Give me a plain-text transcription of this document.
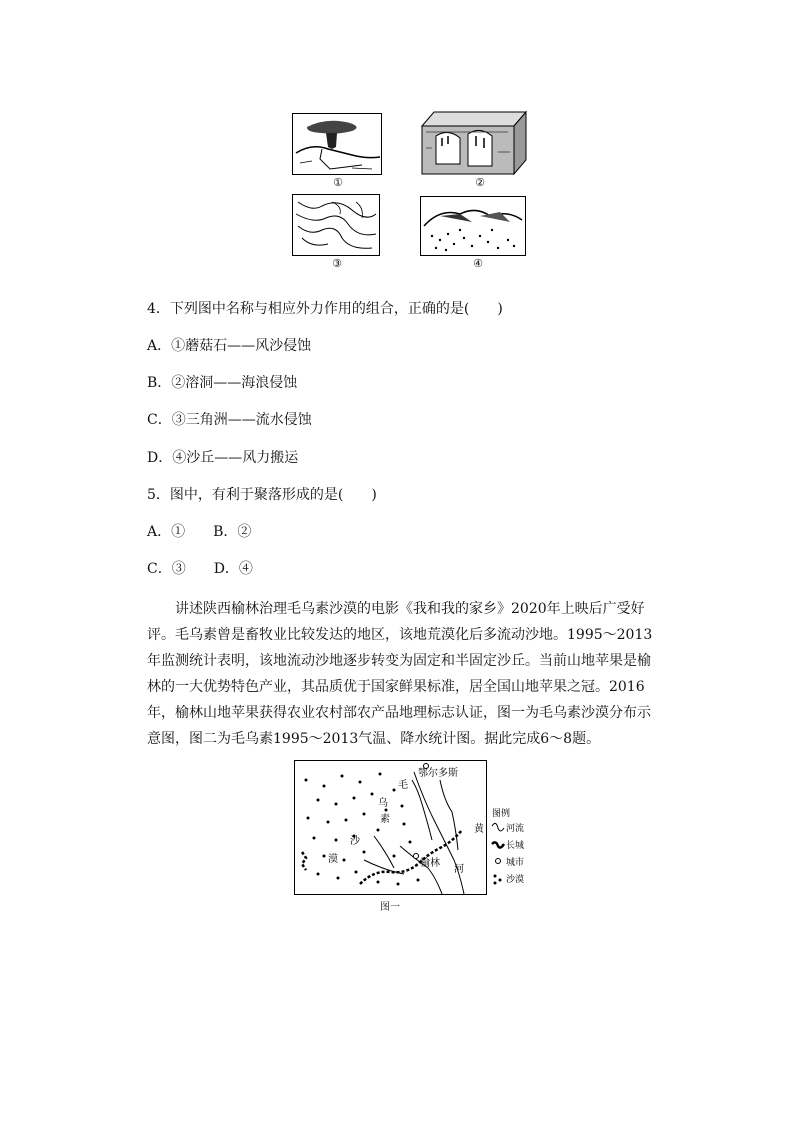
①	②
③	④
4．下列图中名称与相应外力作用的组合，正确的是(　　)
A．①蘑菇石——风沙侵蚀
B．②溶洞——海浪侵蚀
C．③三角洲——流水侵蚀
D．④沙丘——风力搬运
5．图中，有利于聚落形成的是(　　)
A．①　　B．②
C．③　　D．④
讲述陕西榆林治理毛乌素沙漠的电影《我和我的家乡》2020年上映后广受好评。毛乌素曾是畜牧业比较发达的地区，该地荒漠化后多流动沙地。1995～2013年监测统计表明，该地流动沙地逐步转变为固定和半固定沙丘。当前山地苹果是榆林的一大优势特色产业，其品质优于国家鲜果标准，居全国山地苹果之冠。2016年，榆林山地苹果获得农业农村部农产品地理标志认证，图一为毛乌素沙漠分布示意图，图二为毛乌素1995～2013气温、降水统计图。据此完成6～8题。
鄂尔多斯
毛
乌
素
沙
漠	榆林
黄
河
图例
河流
长城
城市
沙漠
图一
